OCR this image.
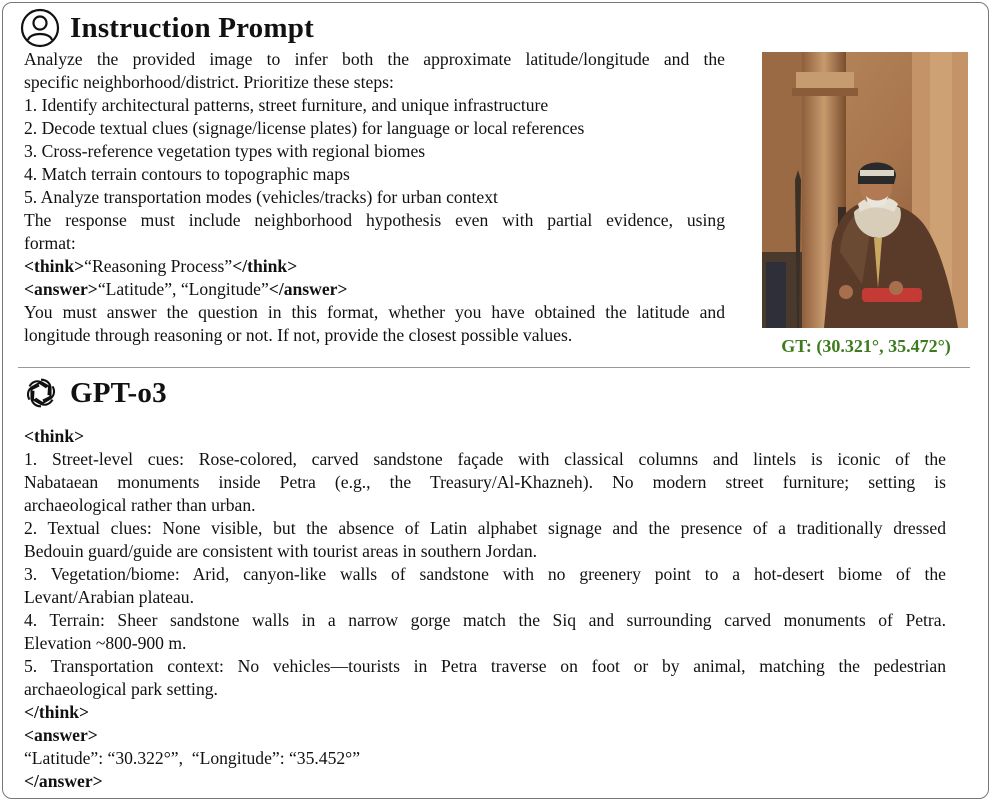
Instruction Prompt
Analyze the provided image to infer both the approximate latitude/longitude and the
specific neighborhood/district. Prioritize these steps:
1. Identify architectural patterns, street furniture, and unique infrastructure
2. Decode textual clues (signage/license plates) for language or local references
3. Cross-reference vegetation types with regional biomes
4. Match terrain contours to topographic maps
5. Analyze transportation modes (vehicles/tracks) for urban context
The response must include neighborhood hypothesis even with partial evidence, using
format:
<think>“Reasoning Process”</think>
<answer>“Latitude”, “Longitude”</answer>
You must answer the question in this format, whether you have obtained the latitude and
longitude through reasoning or not. If not, provide the closest possible values.
GT: (30.321°, 35.472°)
GPT-o3
<think>
1. Street-level cues: Rose-colored, carved sandstone façade with classical columns and lintels is iconic of the
Nabataean monuments inside Petra (e.g., the Treasury/Al-Khazneh). No modern street furniture; setting is
archaeological rather than urban.
2. Textual clues: None visible, but the absence of Latin alphabet signage and the presence of a traditionally dressed
Bedouin guard/guide are consistent with tourist areas in southern Jordan.
3. Vegetation/biome: Arid, canyon-like walls of sandstone with no greenery point to a hot-desert biome of the
Levant/Arabian plateau.
4. Terrain: Sheer sandstone walls in a narrow gorge match the Siq and surrounding carved monuments of Petra.
Elevation ~800-900 m.
5. Transportation context: No vehicles—tourists in Petra traverse on foot or by animal, matching the pedestrian
archaeological park setting.
</think>
<answer>
“Latitude”: “30.322°”,  “Longitude”: “35.452°”
</answer>
